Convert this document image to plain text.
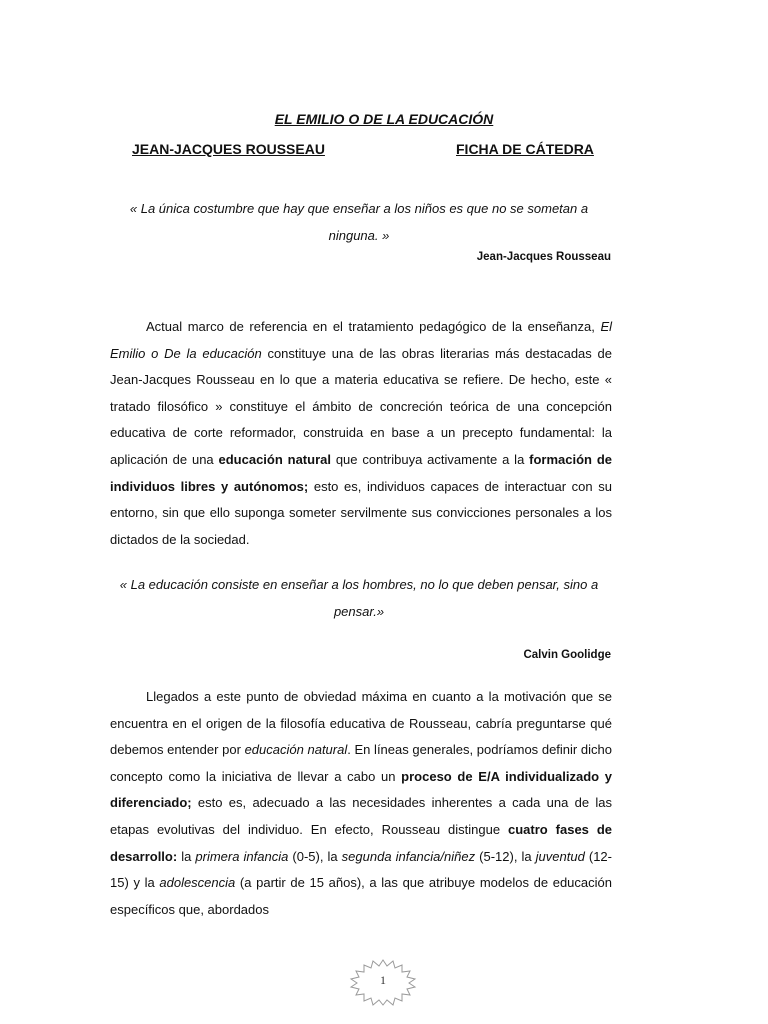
EL EMILIO O DE LA EDUCACIÓN
JEAN-JACQUES ROUSSEAU	FICHA DE CÁTEDRA
« La única costumbre que hay que enseñar a los niños es que no se sometan a ninguna. »
Jean-Jacques Rousseau
Actual marco de referencia en el tratamiento pedagógico de la enseñanza, El Emilio o De la educación constituye una de las obras literarias más destacadas de Jean-Jacques Rousseau en lo que a materia educativa se refiere. De hecho, este « tratado filosófico » constituye el ámbito de concreción teórica de una concepción educativa de corte reformador, construida en base a un precepto fundamental: la aplicación de una educación natural que contribuya activamente a la formación de individuos libres y autónomos; esto es, individuos capaces de interactuar con su entorno, sin que ello suponga someter servilmente sus convicciones personales a los dictados de la sociedad.
« La educación consiste en enseñar a los hombres, no lo que deben pensar, sino a pensar.»
Calvin Goolidge
Llegados a este punto de obviedad máxima en cuanto a la motivación que se encuentra en el origen de la filosofía educativa de Rousseau, cabría preguntarse qué debemos entender por educación natural. En líneas generales, podríamos definir dicho concepto como la iniciativa de llevar a cabo un proceso de E/A individualizado y diferenciado; esto es, adecuado a las necesidades inherentes a cada una de las etapas evolutivas del individuo. En efecto, Rousseau distingue cuatro fases de desarrollo: la primera infancia (0-5), la segunda infancia/niñez (5-12), la juventud (12-15) y la adolescencia (a partir de 15 años), a las que atribuye modelos de educación específicos que, abordados
1
